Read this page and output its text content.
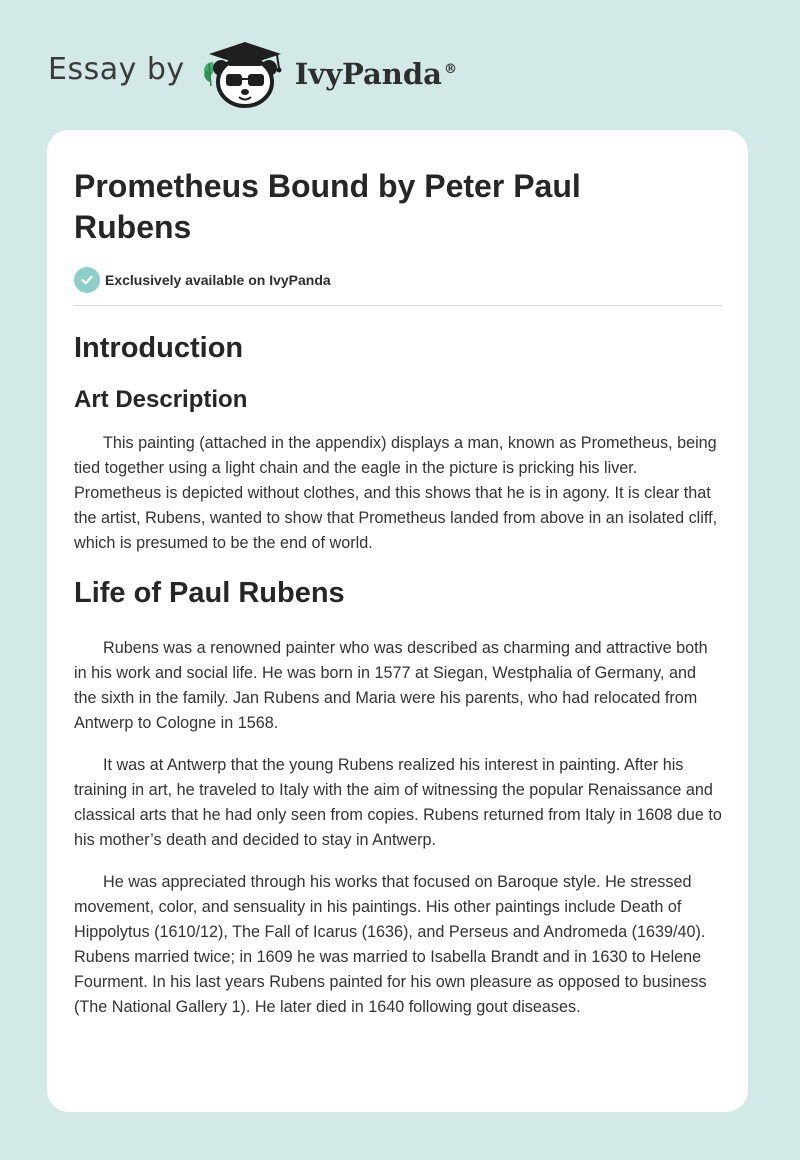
Essay by	IvyPanda ®
Prometheus Bound by Peter Paul Rubens
Exclusively available on IvyPanda
Introduction
Art Description

This painting (attached in the appendix) displays a man, known as Prometheus, being tied together using a light chain and the eagle in the picture is pricking his liver. Prometheus is depicted without clothes, and this shows that he is in agony. It is clear that the artist, Rubens, wanted to show that Prometheus landed from above in an isolated cliff, which is presumed to be the end of world.

Life of Paul Rubens

Rubens was a renowned painter who was described as charming and attractive both in his work and social life. He was born in 1577 at Siegan, Westphalia of Germany, and the sixth in the family. Jan Rubens and Maria were his parents, who had relocated from Antwerp to Cologne in 1568.

It was at Antwerp that the young Rubens realized his interest in painting. After his training in art, he traveled to Italy with the aim of witnessing the popular Renaissance and classical arts that he had only seen from copies. Rubens returned from Italy in 1608 due to his mother’s death and decided to stay in Antwerp.

He was appreciated through his works that focused on Baroque style. He stressed movement, color, and sensuality in his paintings. His other paintings include Death of Hippolytus (1610/12), The Fall of Icarus (1636), and Perseus and Andromeda (1639/40). Rubens married twice; in 1609 he was married to Isabella Brandt and in 1630 to Helene Fourment. In his last years Rubens painted for his own pleasure as opposed to business (The National Gallery 1). He later died in 1640 following gout diseases.
